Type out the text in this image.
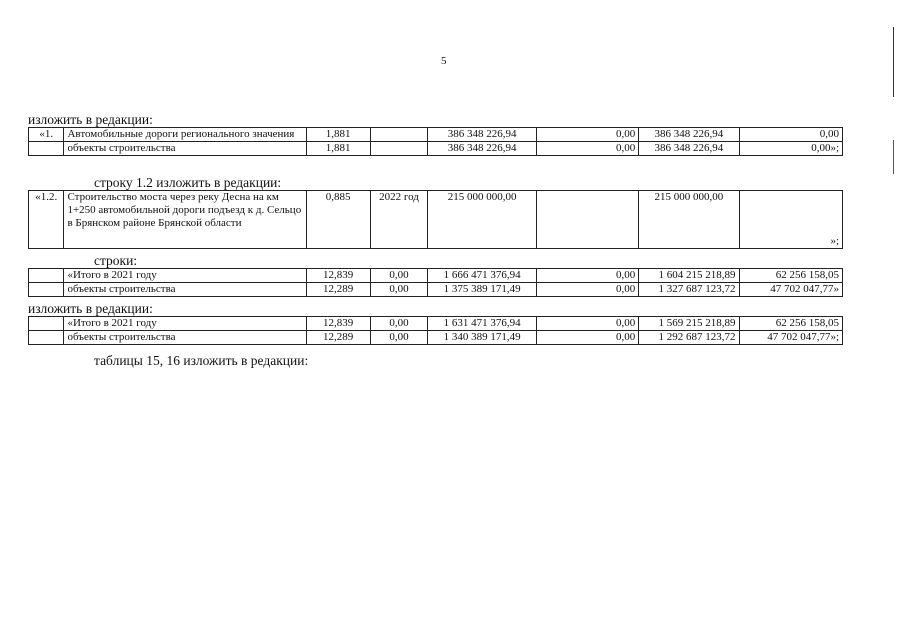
5
изложить в редакции:
«1.	Автомобильные дороги регионального значения	1,881		386 348 226,94	0,00	386 348 226,94	0,00
	объекты строительства	1,881		386 348 226,94	0,00	386 348 226,94	0,00»;
строку 1.2 изложить в редакции:
«1.2.	Строительство моста через реку Десна на км 1+250 автомобильной дороги подъезд к д. Сельцо в Брянском районе Брянской области	0,885	2022 год	215 000 000,00		215 000 000,00	»;
строки:
	«Итого в 2021 году	12,839	0,00	1 666 471 376,94	0,00	1 604 215 218,89	62 256 158,05
	объекты строительства	12,289	0,00	1 375 389 171,49	0,00	1 327 687 123,72	47 702 047,77»
изложить в редакции:
	«Итого в 2021 году	12,839	0,00	1 631 471 376,94	0,00	1 569 215 218,89	62 256 158,05
	объекты строительства	12,289	0,00	1 340 389 171,49	0,00	1 292 687 123,72	47 702 047,77»;
таблицы 15, 16 изложить в редакции:
